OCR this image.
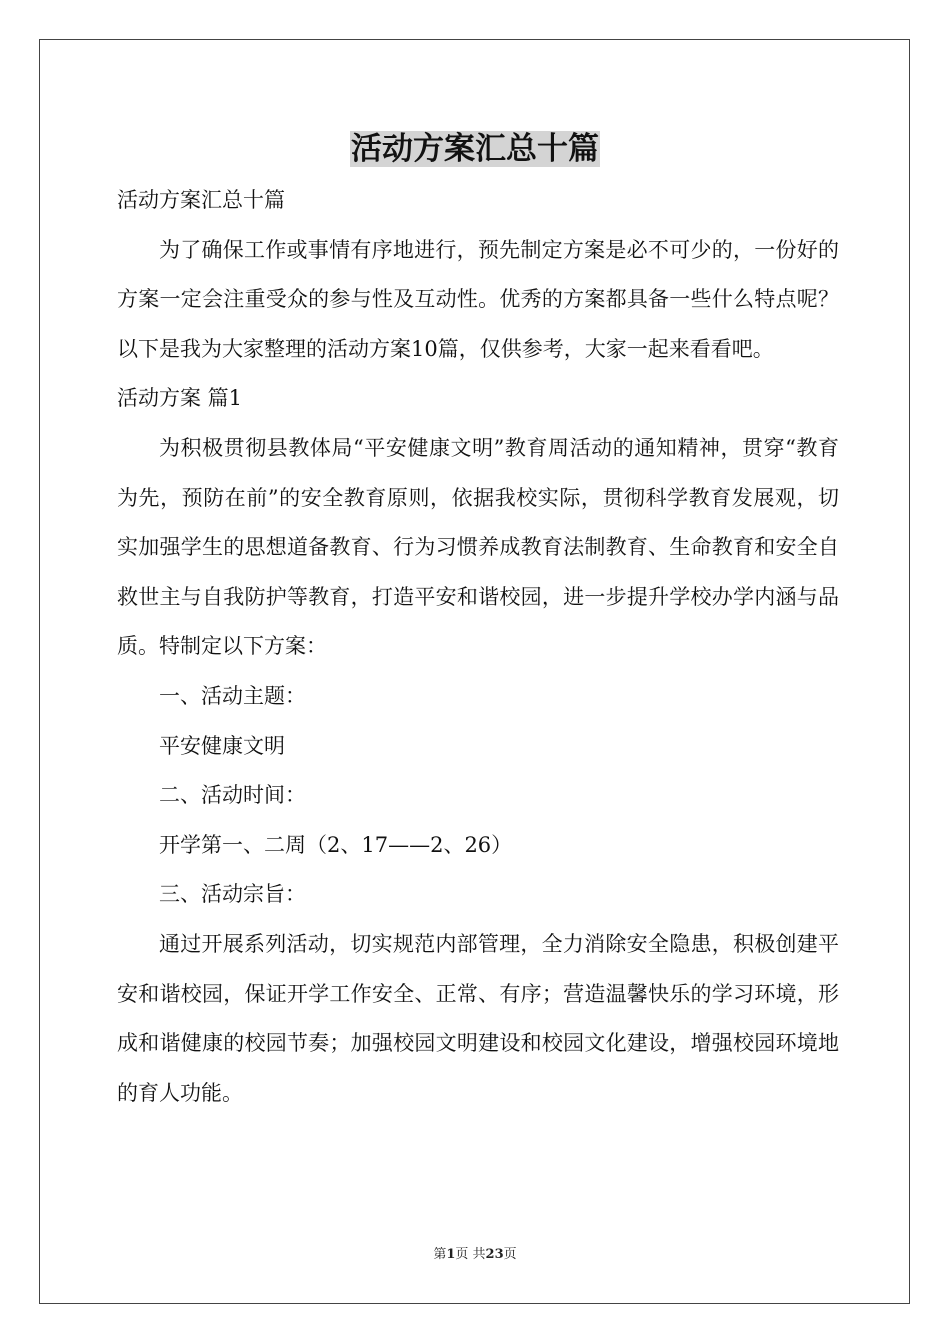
活动方案汇总十篇

活动方案汇总十篇

为了确保工作或事情有序地进行，预先制定方案是必不可少的，一份好的方案一定会注重受众的参与性及互动性。优秀的方案都具备一些什么特点呢？以下是我为大家整理的活动方案10篇，仅供参考，大家一起来看看吧。

活动方案 篇1

为积极贯彻县教体局“平安健康文明”教育周活动的通知精神，贯穿“教育为先，预防在前”的安全教育原则，依据我校实际，贯彻科学教育发展观，切实加强学生的思想道备教育、行为习惯养成教育法制教育、生命教育和安全自救世主与自我防护等教育，打造平安和谐校园，进一步提升学校办学内涵与品质。特制定以下方案：

一、活动主题：

平安健康文明

二、活动时间：

开学第一、二周（2、17——2、26）

三、活动宗旨：

通过开展系列活动，切实规范内部管理，全力消除安全隐患，积极创建平安和谐校园，保证开学工作安全、正常、有序；营造温馨快乐的学习环境，形成和谐健康的校园节奏；加强校园文明建设和校园文化建设，增强校园环境地的育人功能。

第1页 共23页
